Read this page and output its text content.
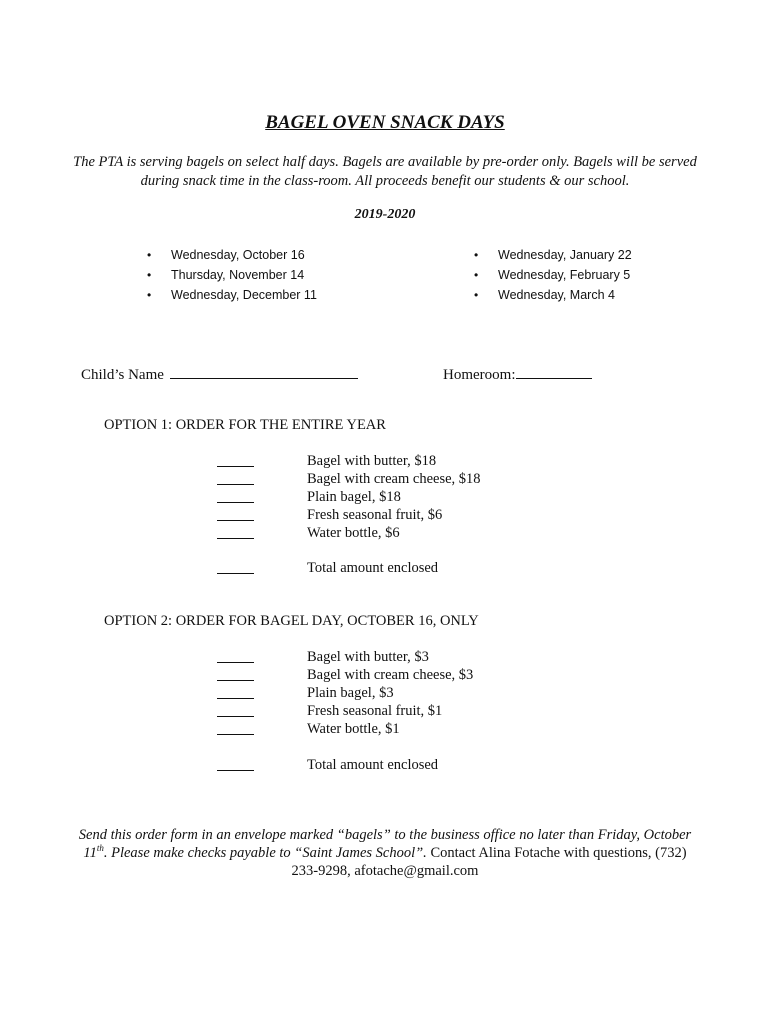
BAGEL OVEN SNACK DAYS
The PTA is serving bagels on select half days. Bagels are available by pre-order only. Bagels will be served during snack time in the class-room. All proceeds benefit our students & our school.
2019-2020
• Wednesday, October 16
• Thursday, November 14
• Wednesday, December 11
• Wednesday, January 22
• Wednesday, February 5
• Wednesday, March 4
Child’s Name	Homeroom:
OPTION 1: ORDER FOR THE ENTIRE YEAR
Bagel with butter, $18
Bagel with cream cheese, $18
Plain bagel, $18
Fresh seasonal fruit, $6
Water bottle, $6
Total amount enclosed
OPTION 2: ORDER FOR BAGEL DAY, OCTOBER 16, ONLY
Bagel with butter, $3
Bagel with cream cheese, $3
Plain bagel, $3
Fresh seasonal fruit, $1
Water bottle, $1
Total amount enclosed
Send this order form in an envelope marked “bagels” to the business office no later than Friday, October 11th. Please make checks payable to “Saint James School”. Contact Alina Fotache with questions, (732) 233-9298, afotache@gmail.com
